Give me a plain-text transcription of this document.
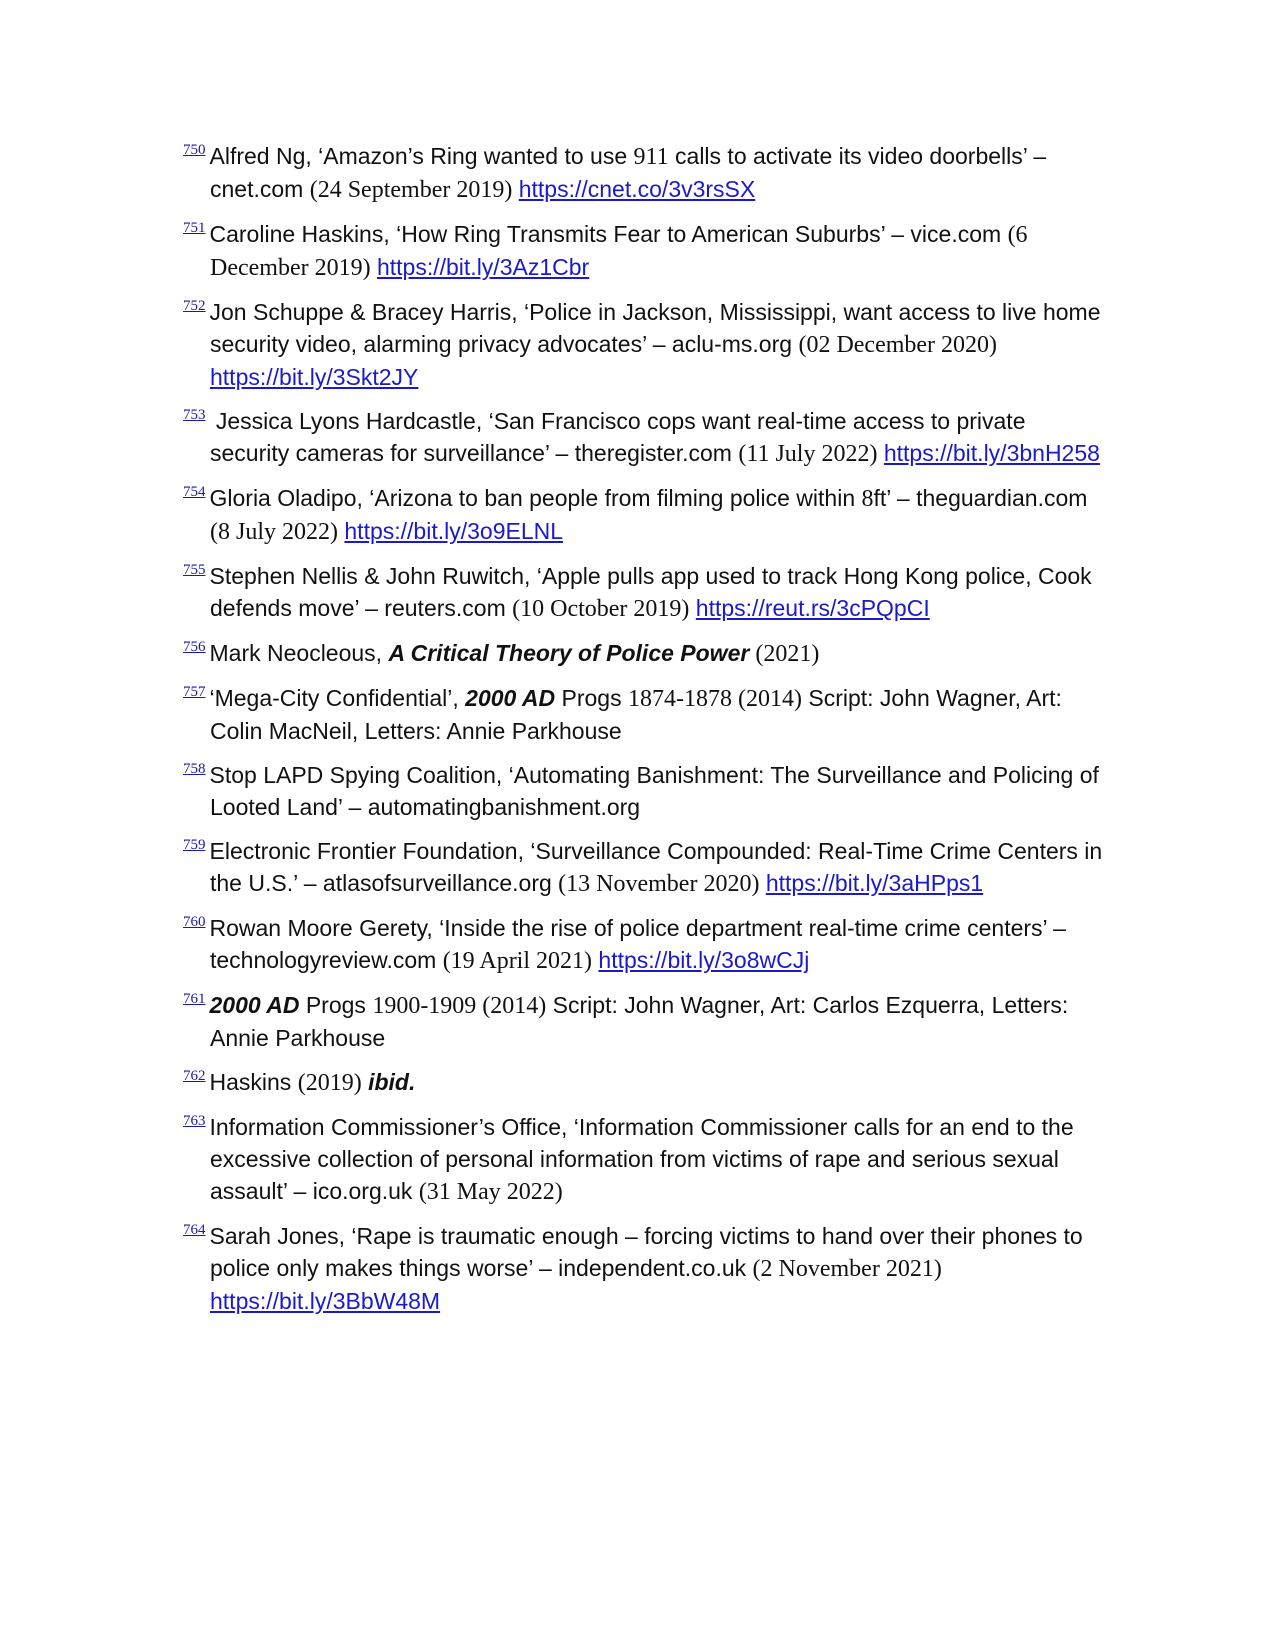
$^{750}$ Alfred Ng, ‘Amazon’s Ring wanted to use 911 calls to activate its video doorbells’ – cnet.com (24 September 2019) https://cnet.co/3v3rsSX

$^{751}$ Caroline Haskins, ‘How Ring Transmits Fear to American Suburbs’ – vice.com (6 December 2019) https://bit.ly/3Az1Cbr

$^{752}$ Jon Schuppe & Bracey Harris, ‘Police in Jackson, Mississippi, want access to live home security video, alarming privacy advocates’ – aclu-ms.org (02 December 2020) https://bit.ly/3Skt2JY

$^{753}$ Jessica Lyons Hardcastle, ‘San Francisco cops want real-time access to private security cameras for surveillance’ – theregister.com (11 July 2022) https://bit.ly/3bnH258

$^{754}$ Gloria Oladipo, ‘Arizona to ban people from filming police within 8ft’ – theguardian.com (8 July 2022) https://bit.ly/3o9ELNL

$^{755}$ Stephen Nellis & John Ruwitch, ‘Apple pulls app used to track Hong Kong police, Cook defends move’ – reuters.com (10 October 2019) https://reut.rs/3cPQpCI

$^{756}$ Mark Neocleous, A Critical Theory of Police Power (2021)

$^{757}$ ‘Mega-City Confidential’, 2000 AD Progs 1874-1878 (2014) Script: John Wagner, Art: Colin MacNeil, Letters: Annie Parkhouse

$^{758}$ Stop LAPD Spying Coalition, ‘Automating Banishment: The Surveillance and Policing of Looted Land’ – automatingbanishment.org

$^{759}$ Electronic Frontier Foundation, ‘Surveillance Compounded: Real-Time Crime Centers in the U.S.’ – atlasofsurveillance.org (13 November 2020) https://bit.ly/3aHPps1

$^{760}$ Rowan Moore Gerety, ‘Inside the rise of police department real-time crime centers’ – technologyreview.com (19 April 2021) https://bit.ly/3o8wCJj

$^{761}$ 2000 AD Progs 1900-1909 (2014) Script: John Wagner, Art: Carlos Ezquerra, Letters: Annie Parkhouse

$^{762}$ Haskins (2019) ibid.

$^{763}$ Information Commissioner’s Office, ‘Information Commissioner calls for an end to the excessive collection of personal information from victims of rape and serious sexual assault’ – ico.org.uk (31 May 2022)

$^{764}$ Sarah Jones, ‘Rape is traumatic enough – forcing victims to hand over their phones to police only makes things worse’ – independent.co.uk (2 November 2021) https://bit.ly/3BbW48M
